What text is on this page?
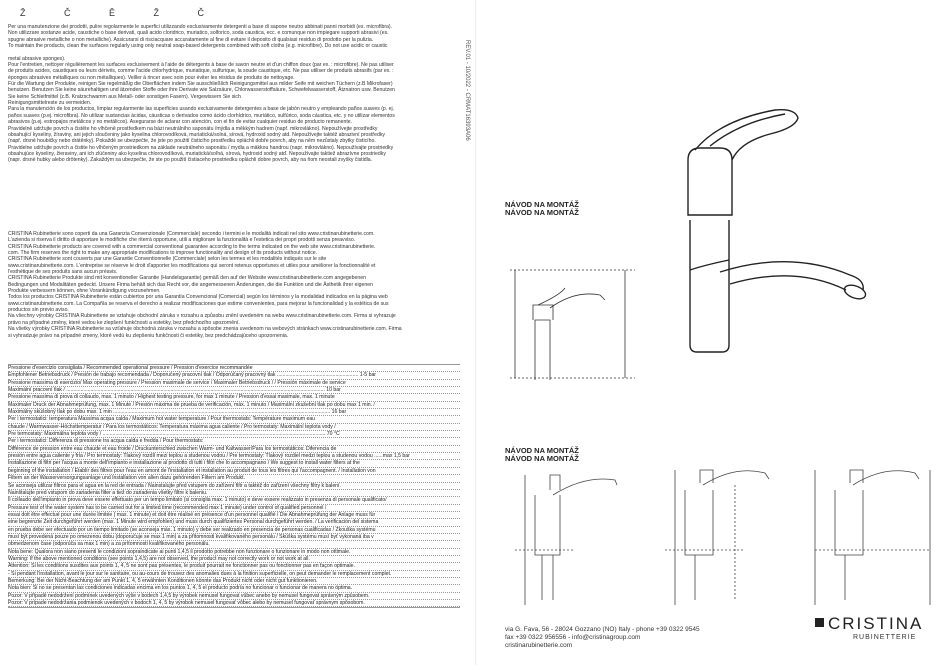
Ž Č Ě Ž Č
Per una manutenzione dei prodotti, pulire regolarmente le superfici utilizzando esclusivamente detergenti a base di sapone neutro abbinati panni morbidi (es. microfibra).
Non utilizzare sostanze acide, caustiche o base derivati, quali acido cloridrico, muriatico, solforico, soda caustica, ecc. e comunque non impiegare supporti abrasivi (es.
spugne abrasive metalliche o non metalliche). Assicurarsi di risciacquare accuratamente al fine di evitare il deposito di qualsiasi residuo di prodotto per la pulizia.
To maintain the products, clean the surfaces regularly using only neutral soap-based detergents combined with soft cloths (e.g. microfibre). Do not use acidic or caustic

metal abrasive sponges).
Pour l'entretien, nettoyer régulièrement les surfaces exclusivement à l'aide de détergents à base de savon neutre et d'un chiffon doux (par ex. : microfibre). Ne pas utiliser
de produits acides, caustiques ou leurs dérivés, comme l'acide chlorhydrique, muriatique, sulfurique, la soude caustique, etc. Ne pas utiliser de produits abrasifs (par ex. :
éponges abrasives métalliques ou non métalliques). Veiller à rincer avec soin pour éviter les résidus de produits de nettoyage.
Für die Wartung der Produkte, reinigen Sie regelmäßig die Oberflächen indem Sie ausschließlich Reinigungsmittel aus milder Seife mit weichen Tüchern (z.B Mikrofaser)
benutzen. Benutzen Sie keine säurehaltigen und ätzenden Stoffe oder ihre Derivate wie Salzsäure, Chlorwasserstoffsäure, Schwefelwasserstoff, Ätznatron usw. Benutzen
Sie keine Schleifmittel (z.B. Kratzschwamm aus Metall- oder sonstigen Fasern). Vergewissern Sie sich
Reinigungsmittelreste zu vermeiden.
Para la manutención de los productos, limpiar regularmente las superficies usando exclusivamente detergentes a base de jabón neutro y empleando paños suaves (p. ej.
paños suaves (p.ej. microfibra). No utilizar sustancias ácidas, cáusticas o derivados como ácido clorhídrico, muriático, sulfúrico, soda cáustica, etc. y no utilizar elementos
abrasivos (p.ej. estropajos metálicos y no metálicos). Asegurarse de aclarar con atención, con el fin de evitar cualquier residuo de producto remanente.
Pravidelně udržujte povrch a čistěte ho vlhčeně prostředkem na bázi neutrálního saponátu /mýdla a měkkým hadrem (např. mikrovlákno). Nepoužívejte prostředky
obsahující kyseliny, žíraviny, ani jejich sloučeniny jako kyselina chlorovodíková, muriatická/solná, sírová, hydroxid sodný atd. Nepoužívejte taktéž abrazivní prostředky
(např. drsné houbičky nebo drátěnky). Pokaždé se ubezpečte, že jste po použití čisticího prostředku opláchli dobře povrch, aby na něm nezůstaly zbytky čisticího.
Pravidelne udržujte povrch a čistite ho vlhčeným prostriedkom na základe neutrálneho saponátu / mydla a mäkkou handrou (napr. mikrovlákno). Nepoužívajte prostriedky
obsahujúce kyseliny, žieraviny, ani ich zlúčeniny ako kyselina chlorovodíková, muriatická/soľná, sírová, hydroxid sodný atď. Nepoužívajte taktiež abrazívne prostriedky
(napr. drsné hubky alebo drôtenky). Zakaždým sa ubezpečte, že ste po použití čistiaceho prostriedku opláchli dobre povrch, aby na ňom neostali zvyšky čistidla.
CRISTINA Rubinetterie sono coperti da una Garanzia Convenzionale (Commerciale) secondo i termini e le modalità indicati nel sito www.cristinarubinetterie.com.
L'azienda si riserva il diritto di apportare le modifiche che riterrà opportune, utili a migliorare la funzionalità e l'estetica dei propri prodotti senza preavviso.
CRISTINA Rubinetterie products are covered with a commercial conventional guarantee according to the terms indicated on the web site www.cristinarubinetterie.
com. The firm reserves the right to make any appropriate modifications to improve functionality and design of its products without notice.
CRISTINA Rubinetterie sont couverts par une Garantie Conventionnelle (Commerciale) selon les termes et les modalités indiqués sur le site
www.cristinarubinetterie.com. L'entreprise se réserve le droit d'apporter les modifications qui seront retenus opportunes et utiles pour améliorer la fonctionnalité et
l'esthétique de ses produits sans aucun préavis.
CRISTINA Rubinetterie Produkte sind mit konventioneller Garantie (Handelsgarantie) gemäß den auf der Website www.cristinarubinetterie.com angegebenen
Bedingungen und Modalitäten gedeckt. Unsere Firma behält sich das Recht vor, die angemessenen Änderungen, die die Funktion und die Ästhetik ihrer eigenen
Produkte verbessern können, ohne Vorankündigung vorzunehmen.
Todos los productos CRISTINA Rubinetterie están cubiertos por una Garantía Convencional (Comercial) según los términos y la modalidad indicados en la página web
www.cristinarubinetterie.com. La Compañía se reserva el derecho a realizar modificaciones que estime convenientes, para mejorar la funcionalidad y la estética de sus
productos sin previo aviso.
Na všechny výrobky CRISTINA Rubinetterie se vztahuje obchodní záruka v rozsahu a způsobu znění uvedeném na webu www.cristinarubinetterie.com. Firma si vyhrazuje
právo na případné změny, které vedou ke zlepšení funkčnosti a estetiky, bez předchozího upozornění.
Na všetky výrobky CRISTINA Rubinetterie sa vzťahuje obchodná záruka v rozsahu a spôsobe znenia uvedenom na webových stránkach www.cristinarubinetterie.com. Firma
si vyhradzuje právo na prípadné zmeny, ktoré vedú ku zlepšeniu funkčnosti či estetiky, bez predchádzajúceho upozornenia.
Pressione d'esercizio consigliata / Recommended operational pressure / Pression d'exercice recommandée
Empfohlener Betriebsdruck / Presión de trabajo recomendada / Doporučený pracovní tlak / Odporúčaný pracovný tlak ......................................................... 1-5 bar
Pressione massima di esercizio/ Max operating pressure / Pression maximale de service / Maximaler Betriebsdruck / / Pressión máximale de service
Maximální pracovní tlak / ..................................................................................................................................................................................... 10 bar
Pressione massima di prova di collaudo, max. 1 minuto / Highest testing pressure, for max 1 minute / Pression d'essai maximale, max. 1 minute
Maximaler Druck der Abnahmeprüfung, max. 1 Minute / Presión máxima de prueba de verificación, máx. 1 minuto / Maximální zkušební tlak po dobu max 1 min. /
Maximálny skúšobný tlak po dobu max. 1 min ........................................................................................................................................................ 16 bar
Per i termostatici: temperatura Massima acqua calda / Maximum hot water temperature / Pour thermostats: Température maximum eau
chaude / Warmwasser-Höchsttemperatur / Para los termostáticos: Temperatura máxima agua caliente / Pro termostaty: Maximální teplota vody /
Pre termostaty: Maximálna teplota vody / ............................................................................................................................................................ 70 °C
Per i termostatici: Differenza di pressione tra acqua calda e fredda / Pour thermostats:
Différence de pression entre eau chaude et eau froide / Druckunterschied zwischen Warm- und Kaltwasser/Para los termostáticos: Diferencia de
presión entre agua caliente y fría / Pro termostaty: Tlakový rozdíl mezi teplou a studenou vodou / Pre termostaty: Tlakový rozdiel medzi teplou a studenou vodou ......max 1,5 bar
Installazione di filtri per l'acqua a monte dell'impianto e installazione al prodotto di tutti i filtri che lo accompagnano / We suggest to install water filters at the
beginning of the installation / Établir des filtres pour l'eau en amont de l'installation et installation au produit de tous les filtres qui l'accompagnent. / Installation von
Filtern an der Wasserversorgungsanlage und Installation von allen dazu gehörenden Filtern am Produkt.
Se aconseja utilizar filtros para el agua en la red de entrada / Nainstalujte před vstupem do zařízení filtr a taktéž do zařízení všechny filtry k balení.
Nainštalujte pred vstupom do zariadenia filter a tiež do zariadenia všetky filtre k baleniu.
Il collaudo dell'impianto in prova deve essere effettuato per un tempo limitato (si consiglia max. 1 minuto) e deve essere realizzato in presenza di personale qualificato/
Pressure test of the water system has to be carried out for a limited time (recommended max 1 minute) under control of qualified personnel /
essai doit être effectué pour une durée limitée ( max. 1 minute) et doit être réalisé en présence d'un personnel qualifié / Die Abnahmeprüfung der Anlage muss für
eine begrenzte Zeit durchgeführt werden (max. 1 Minute wird empfohlen) und muss durch qualifiziertes Personal durchgeführt werden. / La verificación del sistema
en prueba debe ser efectuado por un tiempo limitado (se aconseja máx. 1 minuto) y debe ser realizado en presencia de personas cualificadas / Zkouška systému
musí být provedená pouze po omezenou dobu (doporučuje se max 1 min) a za přítomnosti kvalifikovaného personálu / Skúška systému musí byť vykonaná iba v
obmedzenom čase (odporúča sa max 1 min) a za prítomnosti kvalifikovaného personálu.
Nota bene: Qualora non siano presenti le condizioni sopraindicate ai punti 1,4,5 il prodotto potrebbe non funzionare o funzionare in modo non ottimale.
Warning: If the above mentioned conditions (see points 1,4,5) are not observed, the product may not correctly work or not work at all.
Attention: Si les conditions susdites aux points 1, 4, 5 ne sont pas présentes, le produit pourrait ne fonctionner pas ou fonctionner pas en façon optimale.
- Si pendant l'installation, avant le jour sur le sanitaire, ou au-cours de trouvez des anomalies dues à la finition superficielle, on peut demander le remplacement complet.
Bemerkung: Bei der Nicht-Beachtung der am Punkt 1, 4, 5 erwähnten Konditionen könnte das Produkt nicht oder nicht gut funktionieren.
Nota bien: Si no se presentan las condiciones indicadas encima en los puntos 1, 4, 5 el producto podría no funcionar o funcionar de manera no óptima.
Pozor: V případě nedodržení podmínek uvedených výše v bodech 1,4,5 by výrobek nemusel fungovat vůbec anebo by nemusel fungovat správným způsobem.
Pozor: V prípade nedodržania podmienok uvedených v bodoch 1, 4, 5 by výrobok nemusel fungovať vôbec alebo by nemusel fungovať správnym spôsobom.
REV.01 - 10/2022 - CRMAT16393A06
NÁVOD NA MONTÁŽ
NÁVOD NA MONTÁŽ
NÁVOD NA MONTÁŽ
NÁVOD NA MONTÁŽ
via G. Fava, 56 - 28024 Gozzano (NO) Italy - phone +39 0322 9545
fax +39 0322 956556 - info@cristinagroup.com
cristinarubinetterie.com
CRISTINA
RUBINETTERIE
